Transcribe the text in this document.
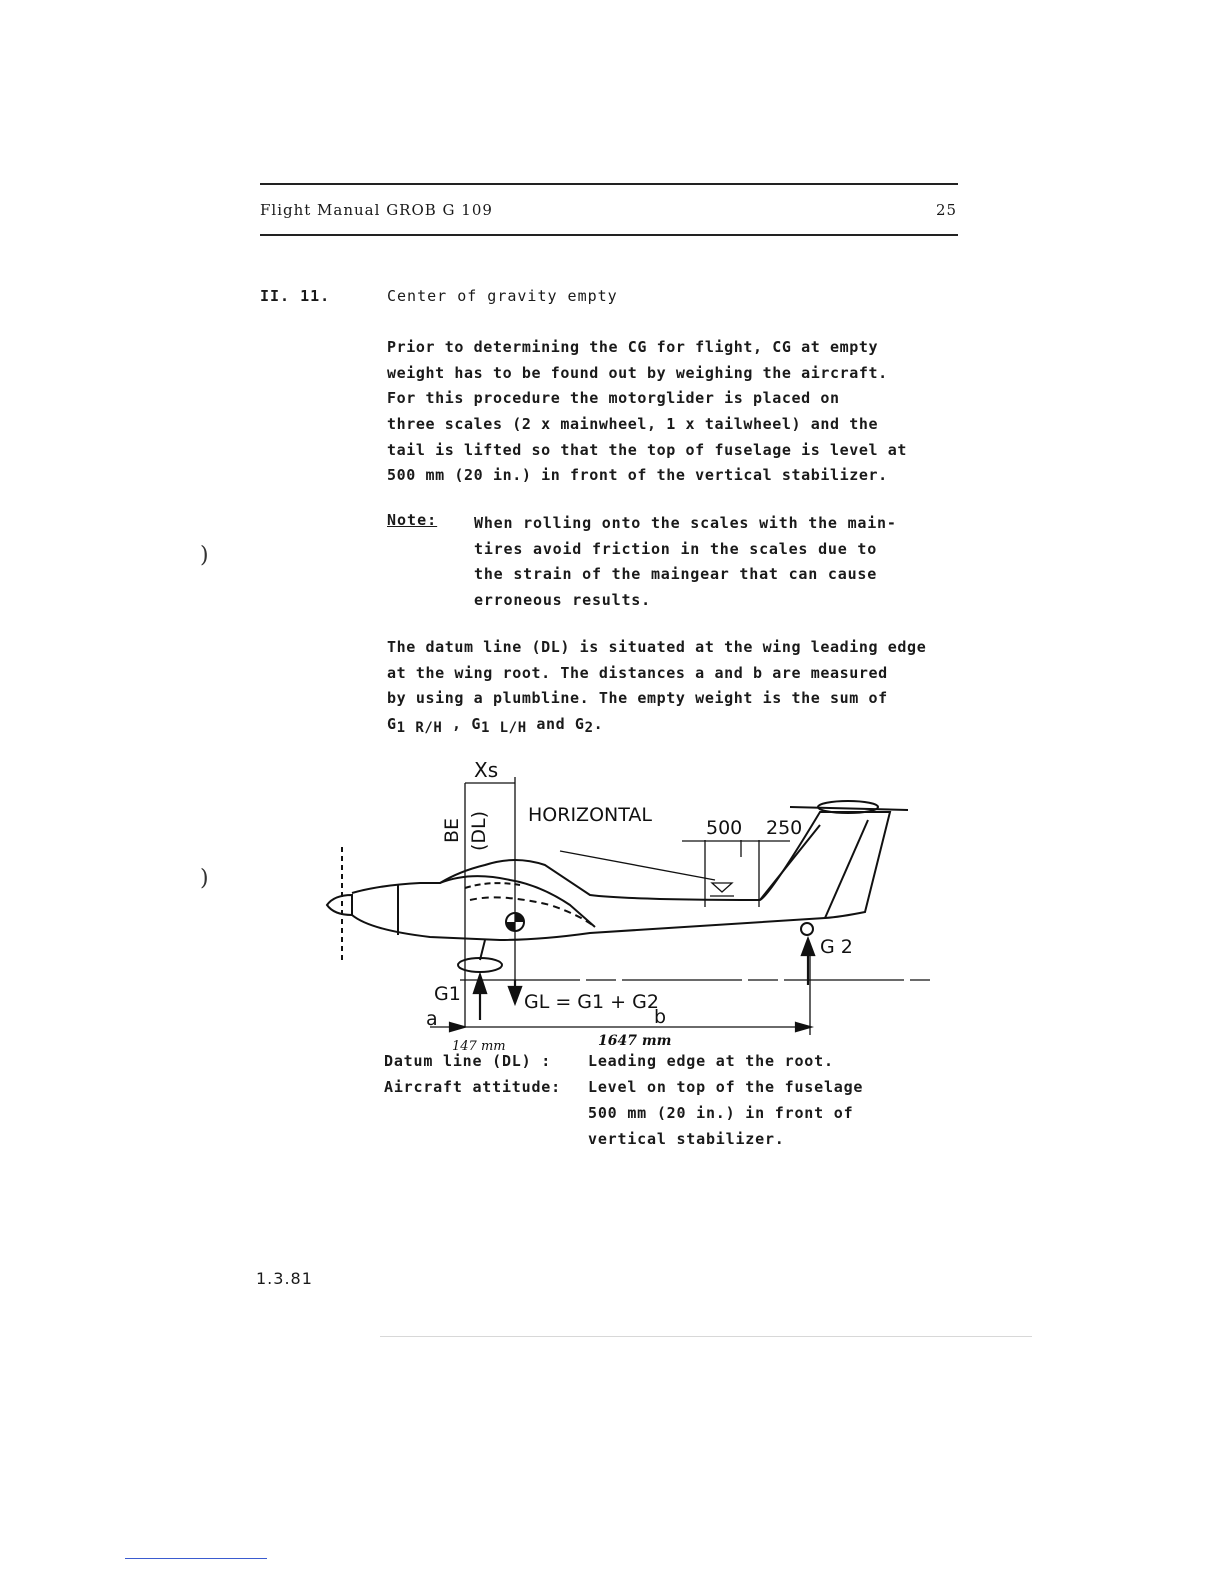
Flight Manual GROB G 109	25
II. 11.	Center of gravity empty
Prior to determining the CG for flight, CG at empty
weight has to be found out by weighing the aircraft.
For this procedure the motorglider is placed on
three scales (2 x mainwheel, 1 x tailwheel) and the
tail is lifted so that the top of fuselage is level at
500 mm (20 in.) in front of the vertical stabilizer.
Note: When rolling onto the scales with the main-
tires avoid friction in the scales due to
the strain of the maingear that can cause
erroneous results.
The datum line (DL) is situated at the wing leading edge
at the wing root. The distances a and b are measured
by using a plumbline. The empty weight is the sum of
G1 R/H , G1 L/H and G2.
Xs
BE (DL) HORIZONTAL
500 250
G 2
G1	GL = G1 + G2
a	b
147 mm	1647 mm
Datum line (DL) : Leading edge at the root.
Aircraft attitude: Level on top of the fuselage
500 mm (20 in.) in front of
vertical stabilizer.
1.3.81
)
)
